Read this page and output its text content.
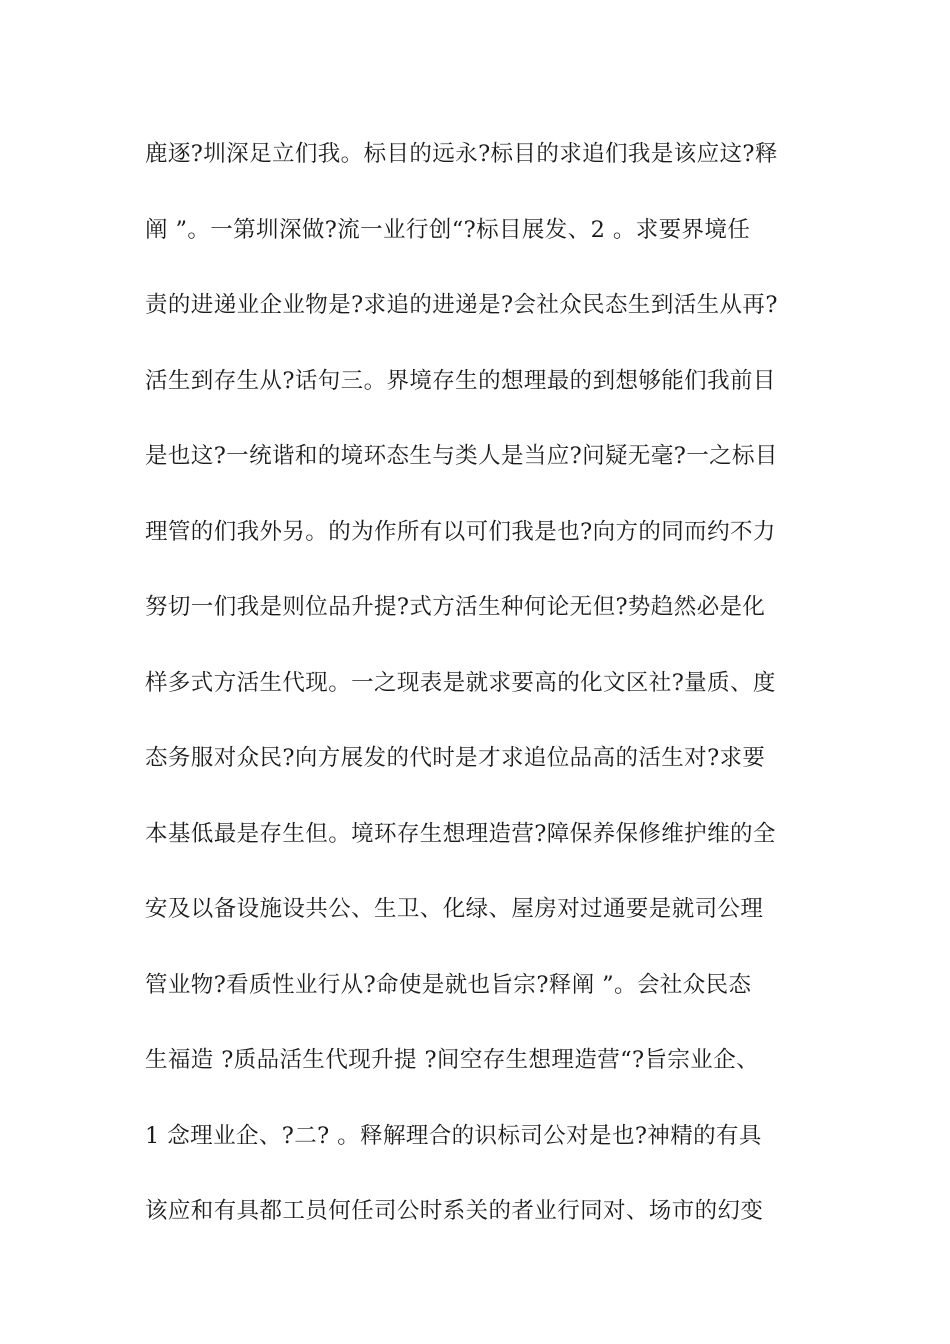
鹿逐?圳深足立们我。标目的远永?标目的求追们我是该应这?释
阐 ”。一第圳深做?流一业行创“?标目展发、2 。求要界境任
责的进递业企业物是?求追的进递是?会社众民态生到活生从再?
活生到存生从?话句三。界境存生的想理最的到想够能们我前目
是也这?一统谐和的境环态生与类人是当应?问疑无毫?一之标目
理管的们我外另。的为作所有以可们我是也?向方的同而约不力
努切一们我是则位品升提?式方活生种何论无但?势趋然必是化
样多式方活生代现。一之现表是就求要高的化文区社?量质、度
态务服对众民?向方展发的代时是才求追位品高的活生对?求要
本基低最是存生但。境环存生想理造营?障保养保修维护维的全
安及以备设施设共公、生卫、化绿、屋房对过通要是就司公理
管业物?看质性业行从?命使是就也旨宗?释阐 ”。会社众民态
生福造 ?质品活生代现升提 ?间空存生想理造营“?旨宗业企、
1 念理业企、?二? 。释解理合的识标司公对是也?神精的有具
该应和有具都工员何任司公时系关的者业行同对、场市的幻变
